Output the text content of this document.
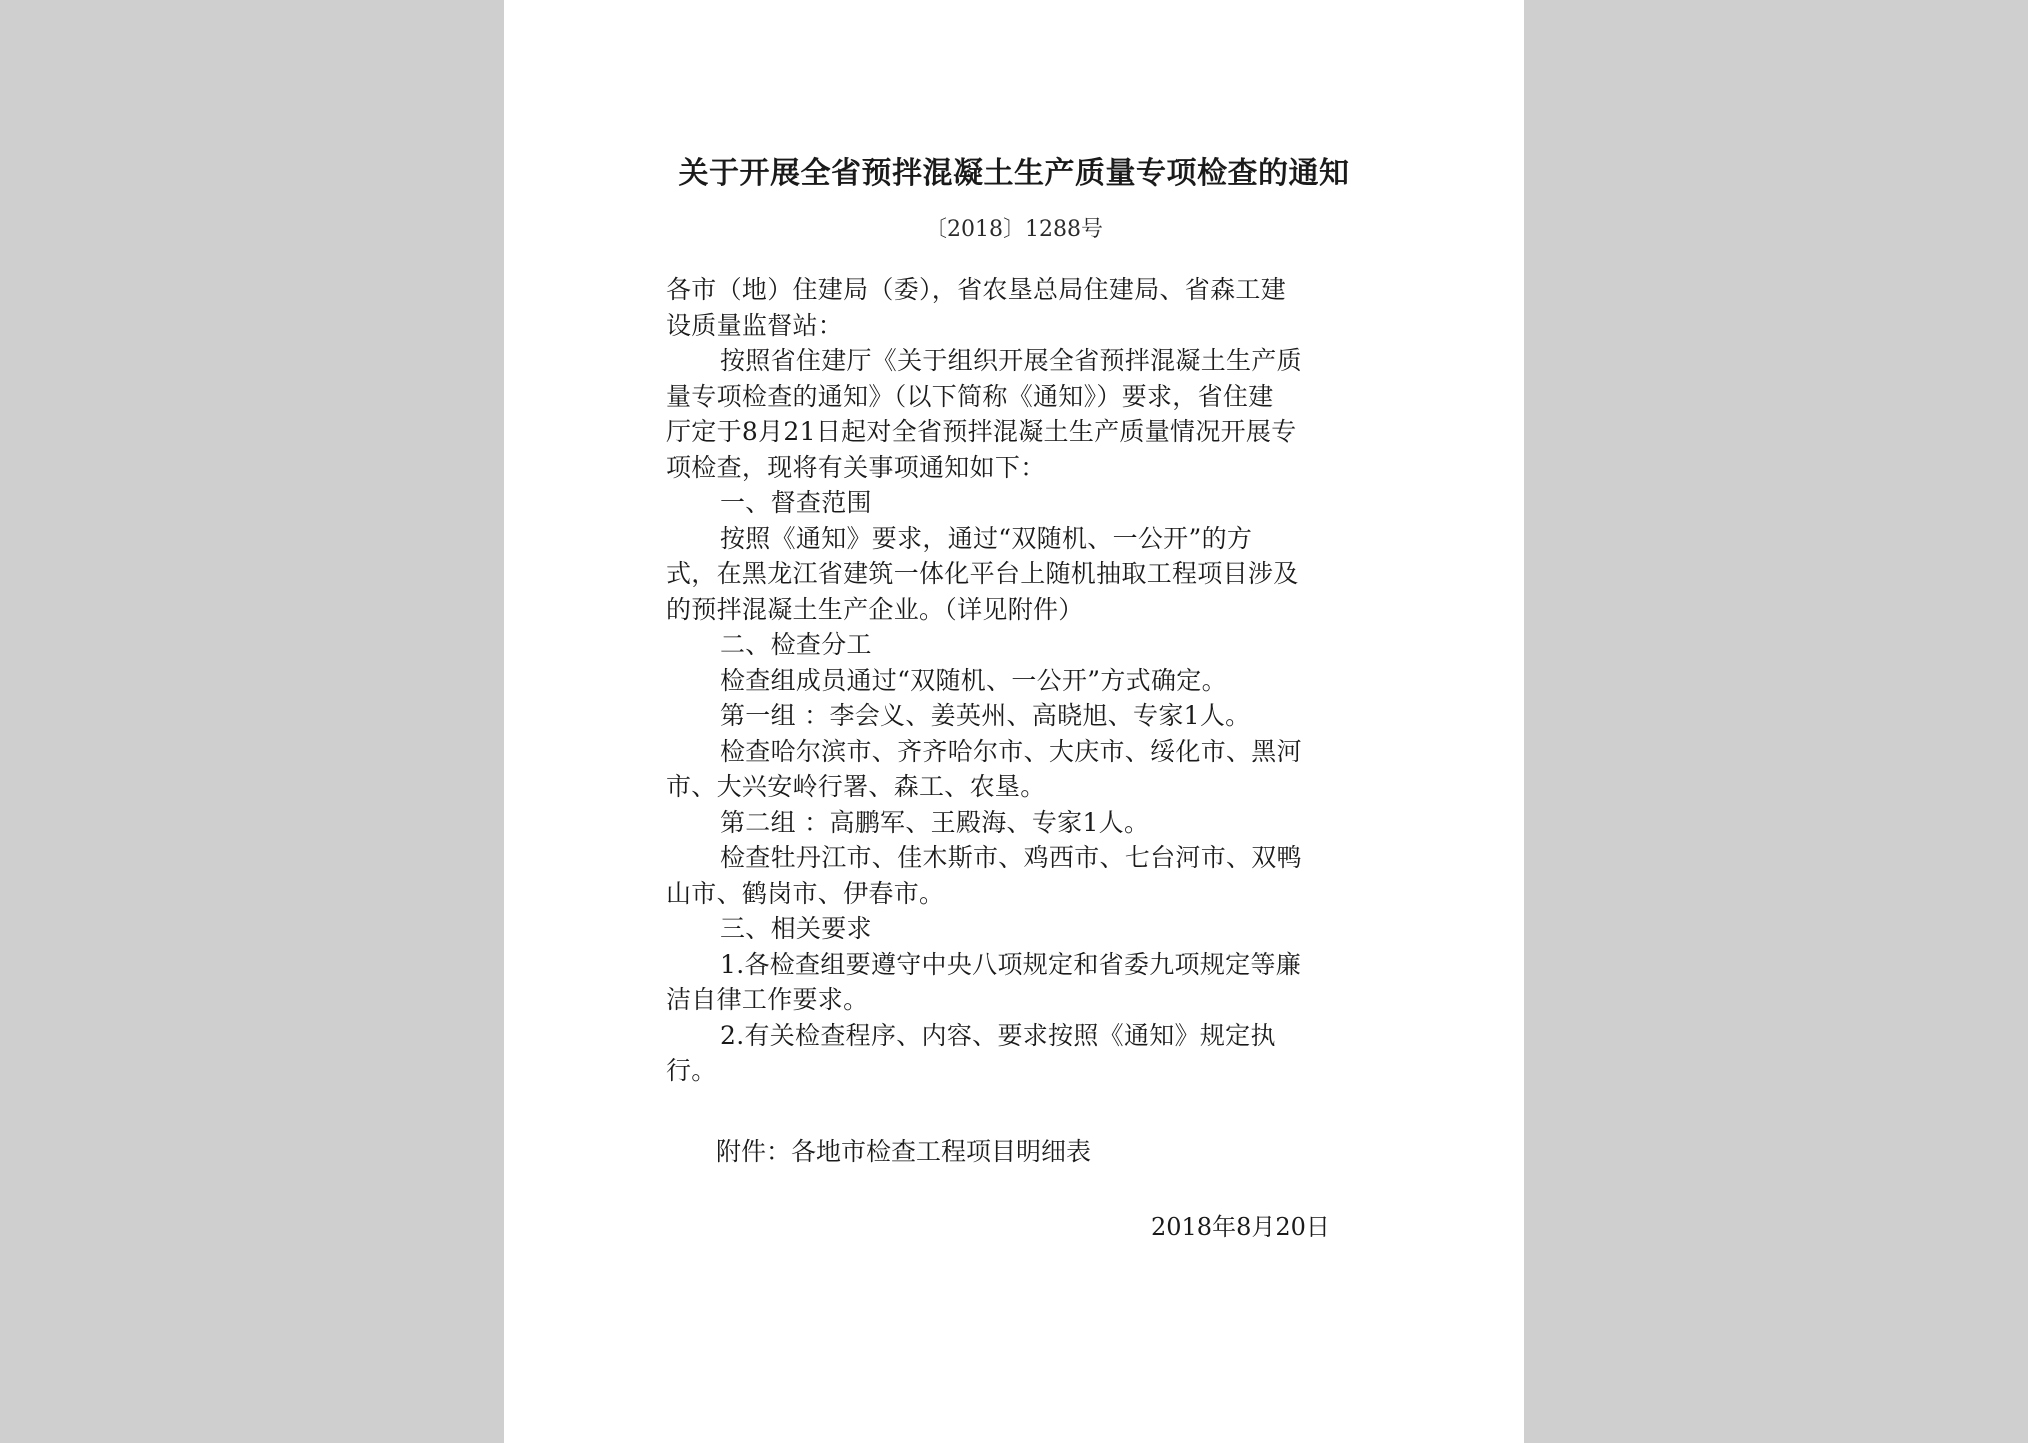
关于开展全省预拌混凝土生产质量专项检查的通知
〔2018〕1288号
各市（地）住建局（委），省农垦总局住建局、省森工建
设质量监督站：
按照省住建厅《关于组织开展全省预拌混凝土生产质
量专项检查的通知》（以下简称《通知》）要求，省住建
厅定于8月21日起对全省预拌混凝土生产质量情况开展专
项检查，现将有关事项通知如下：
一、督查范围
按照《通知》要求，通过“双随机、一公开”的方
式，在黑龙江省建筑一体化平台上随机抽取工程项目涉及
的预拌混凝土生产企业。（详见附件）
二、检查分工
检查组成员通过“双随机、一公开”方式确定。
第一组 ：李会义、姜英州、高晓旭、专家1人。
检查哈尔滨市、齐齐哈尔市、大庆市、绥化市、黑河
市、大兴安岭行署、森工、农垦。
第二组 ：高鹏军、王殿海、专家1人。
检查牡丹江市、佳木斯市、鸡西市、七台河市、双鸭
山市、鹤岗市、伊春市。
三、相关要求
1.各检查组要遵守中央八项规定和省委九项规定等廉
洁自律工作要求。
2.有关检查程序、内容、要求按照《通知》规定执
行。
附件：各地市检查工程项目明细表
2018年8月20日
